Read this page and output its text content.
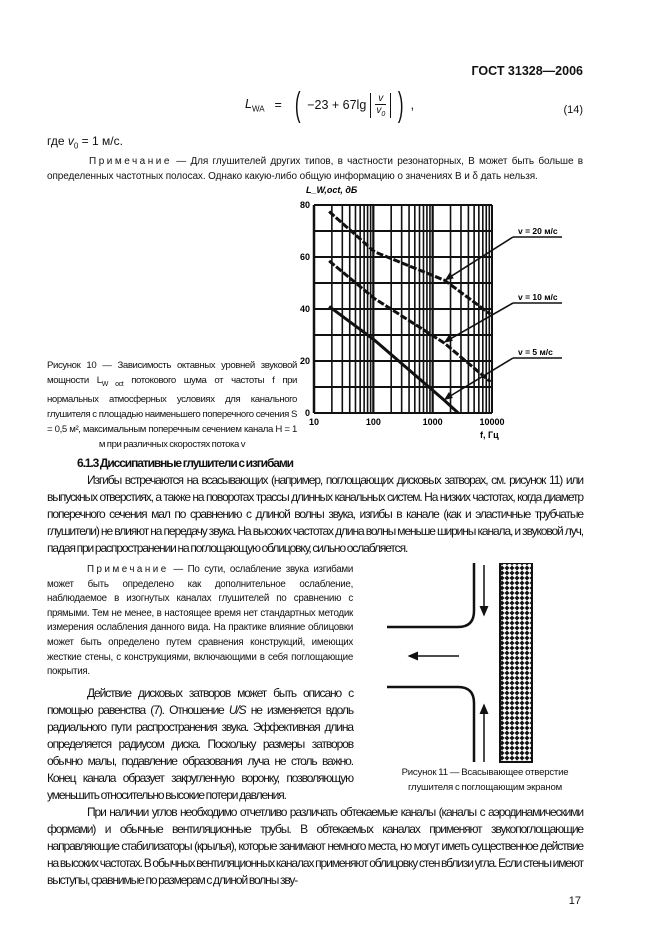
ГОСТ 31328—2006
$L_{WA}$ = ( $-23 + 67\lg \frac{v}{v_0}$ ) ,	(14)
где $v_0 = 1$ м/с.
Примечание — Для глушителей других типов, в частности резонаторных, B может быть больше в определенных частотных полосах. Однако какую-либо общую информацию о значениях B и δ дать нельзя.
Рисунок 10 — Зависимость октавных уровней звуковой мощности $L_{W oct}$ потокового шума от частоты f при нормальных атмосферных условиях для канального глушителя с площадью наименьшего поперечного сечения S = 0,5 м², максимальным поперечным сечением канала H = 1 м при различных скоростях потока v
0
20
40
60
80
10	100	1000	10000
L_W,oct, дБ
f, Гц
v = 20 м/с
v = 10 м/с
v = 5 м/с
6.1.3 Диссипативные глушители с изгибами

Изгибы встречаются на всасывающих (например, поглощающих дисковых затворах, см. рисунок 11) или выпускных отверстиях, а также на поворотах трассы длинных канальных систем. На низких частотах, когда диаметр поперечного сечения мал по сравнению с длиной волны звука, изгибы в канале (как и эластичные трубчатые глушители) не влияют на передачу звука. На высоких частотах длина волны меньше ширины канала, и звуковой луч, падая при распространении на поглощающую облицовку, сильно ослабляется.

Рисунок 11 — Всасывающее отверстие глушителя с поглощающим экраном

Примечание — По сути, ослабление звука изгибами может быть определено как дополнительное ослабление, наблюдаемое в изогнутых каналах глушителей по сравнению с прямыми. Тем не менее, в настоящее время нет стандартных методик измерения ослабления данного вида. На практике влияние облицовки может быть определено путем сравнения конструкций, имеющих жесткие стены, с конструкциями, включающими в себя поглощающие покрытия.

Действие дисковых затворов может быть описано с помощью равенства (7). Отношение U/S не изменяется вдоль радиального пути распространения звука. Эффективная длина определяется радиусом диска. Поскольку размеры затворов обычно малы, подавление образования луча не столь важно. Конец канала образует закругленную воронку, позволяющую уменьшить относительно высокие потери давления.

При наличии углов необходимо отчетливо различать обтекаемые каналы (каналы с аэродинамическими формами) и обычные вентиляционные трубы. В обтекаемых каналах применяют звукопоглощающие направляющие стабилизаторы (крылья), которые занимают немного места, но могут иметь существенное действие на высоких частотах. В обычных вентиляционных каналах применяют облицовку стен вблизи угла. Если стены имеют выступы, сравнимые по размерам с длиной волны зву-

17
